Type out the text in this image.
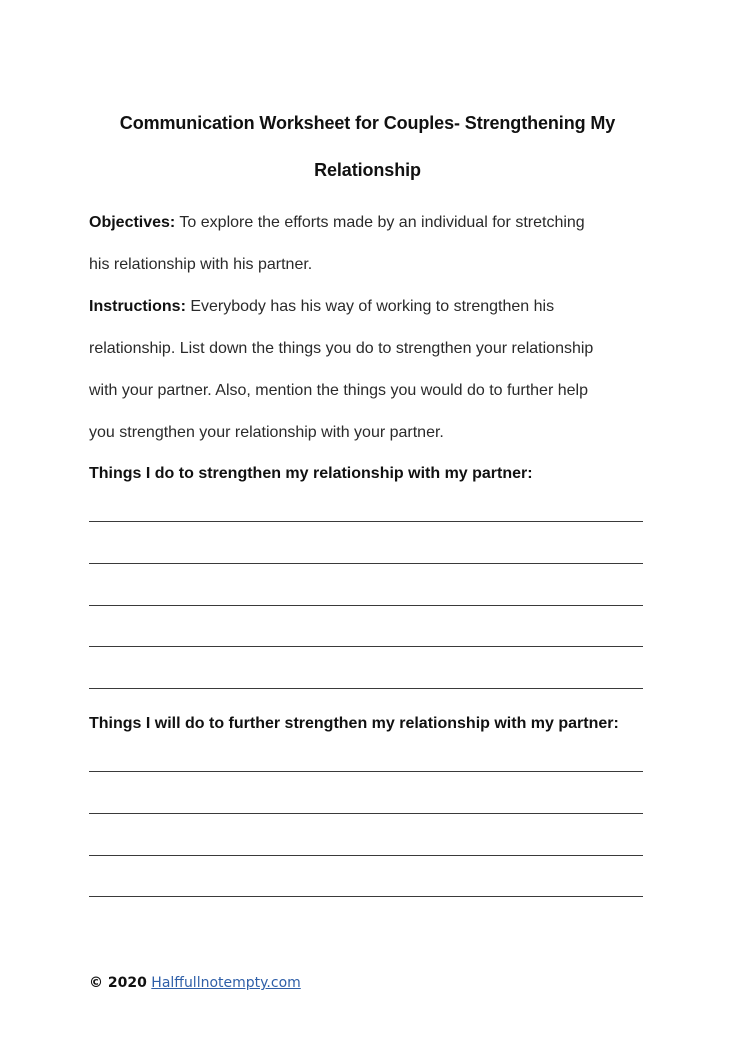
Communication Worksheet for Couples- Strengthening My
Relationship
Objectives: To explore the efforts made by an individual for stretching
his relationship with his partner.
Instructions: Everybody has his way of working to strengthen his
relationship. List down the things you do to strengthen your relationship
with your partner. Also, mention the things you would do to further help
you strengthen your relationship with your partner.
Things I do to strengthen my relationship with my partner:
Things I will do to further strengthen my relationship with my partner:
© 2020 Halffullnotempty.com
